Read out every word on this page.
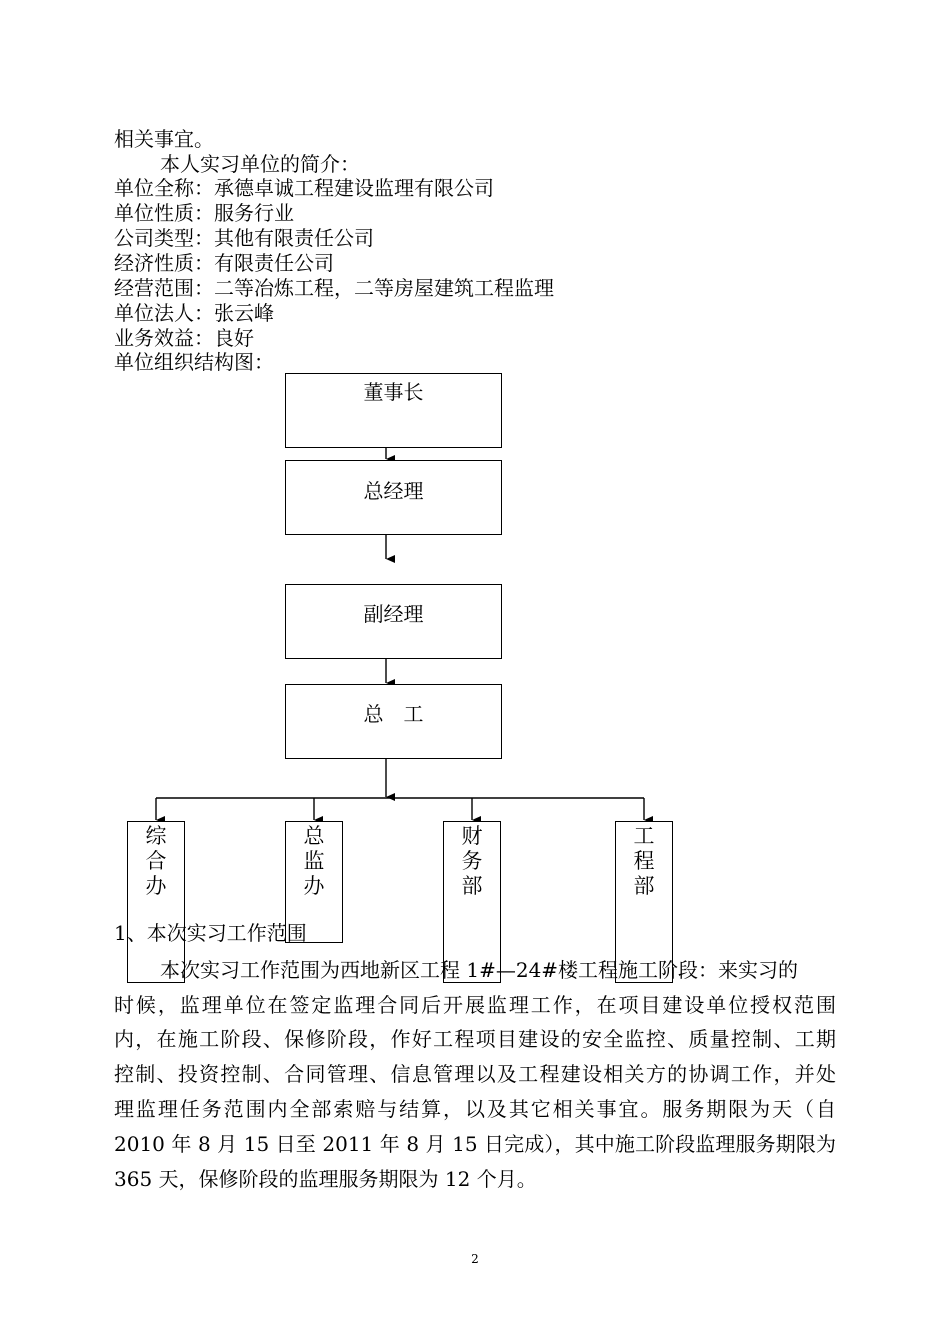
相关事宜。

本人实习单位的简介：

单位全称：承德卓诚工程建设监理有限公司

单位性质：服务行业

公司类型：其他有限责任公司

经济性质：有限责任公司

经营范围：二等冶炼工程，二等房屋建筑工程监理

单位法人：张云峰

业务效益：良好

单位组织结构图：

董事长
总经理
副经理
总　工
综
合
办
总
监
办
财
务
部
工
程
部

1、本次实习工作范围

本次实习工作范围为西地新区工程 1#—24#楼工程施工阶段：来实习的

时候，监理单位在签定监理合同后开展监理工作，在项目建设单位授权范围

内，在施工阶段、保修阶段，作好工程项目建设的安全监控、质量控制、工期

控制、投资控制、合同管理、信息管理以及工程建设相关方的协调工作，并处

理监理任务范围内全部索赔与结算，以及其它相关事宜。服务期限为天（自

2010 年 8 月 15 日至 2011 年 8 月 15 日完成），其中施工阶段监理服务期限为

365 天，保修阶段的监理服务期限为 12 个月。

2
